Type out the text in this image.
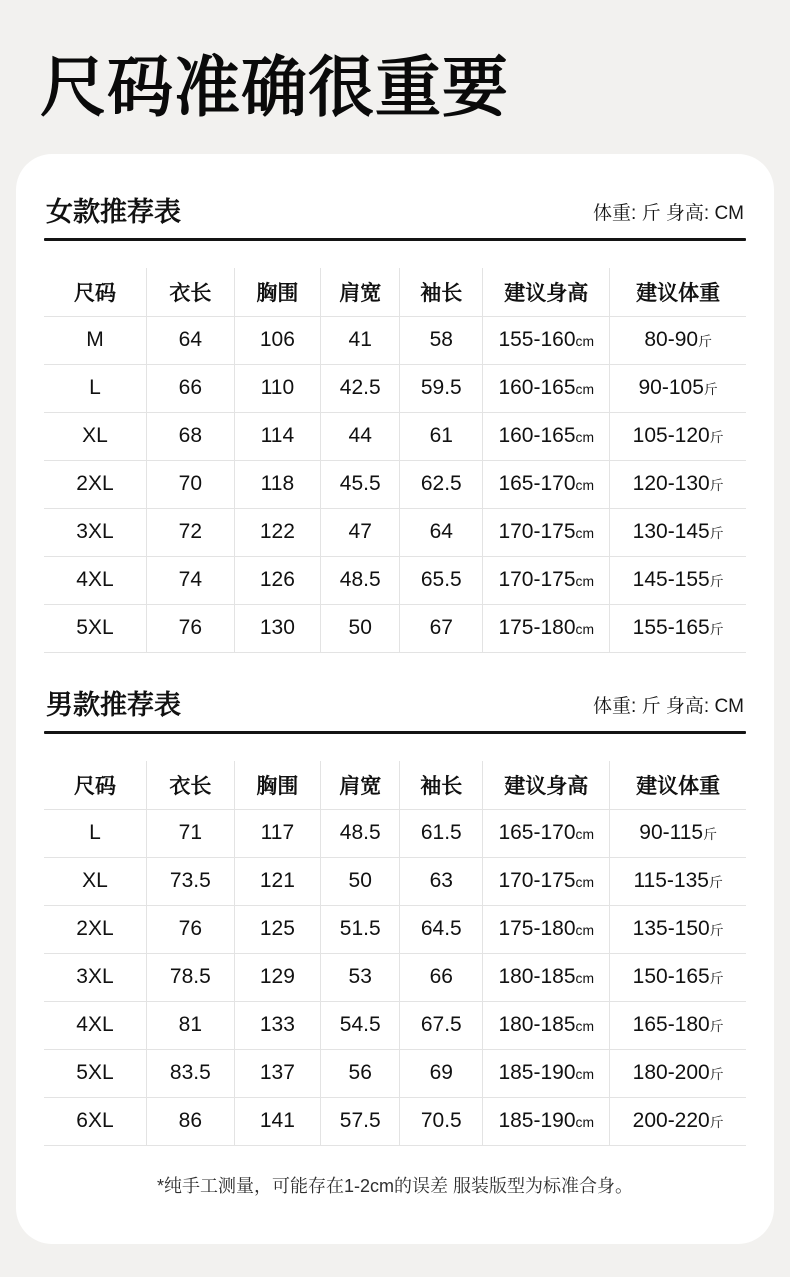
尺码准确很重要
女款推荐表	体重: 斤 身高: CM
尺码	衣长	胸围	肩宽	袖长	建议身高	建议体重
M	64	106	41	58	155-160cm	80-90斤
L	66	110	42.5	59.5	160-165cm	90-105斤
XL	68	114	44	61	160-165cm	105-120斤
2XL	70	118	45.5	62.5	165-170cm	120-130斤
3XL	72	122	47	64	170-175cm	130-145斤
4XL	74	126	48.5	65.5	170-175cm	145-155斤
5XL	76	130	50	67	175-180cm	155-165斤
男款推荐表	体重: 斤 身高: CM
尺码	衣长	胸围	肩宽	袖长	建议身高	建议体重
L	71	117	48.5	61.5	165-170cm	90-115斤
XL	73.5	121	50	63	170-175cm	115-135斤
2XL	76	125	51.5	64.5	175-180cm	135-150斤
3XL	78.5	129	53	66	180-185cm	150-165斤
4XL	81	133	54.5	67.5	180-185cm	165-180斤
5XL	83.5	137	56	69	185-190cm	180-200斤
6XL	86	141	57.5	70.5	185-190cm	200-220斤

*纯手工测量，可能存在1-2cm的误差 服装版型为标准合身。
